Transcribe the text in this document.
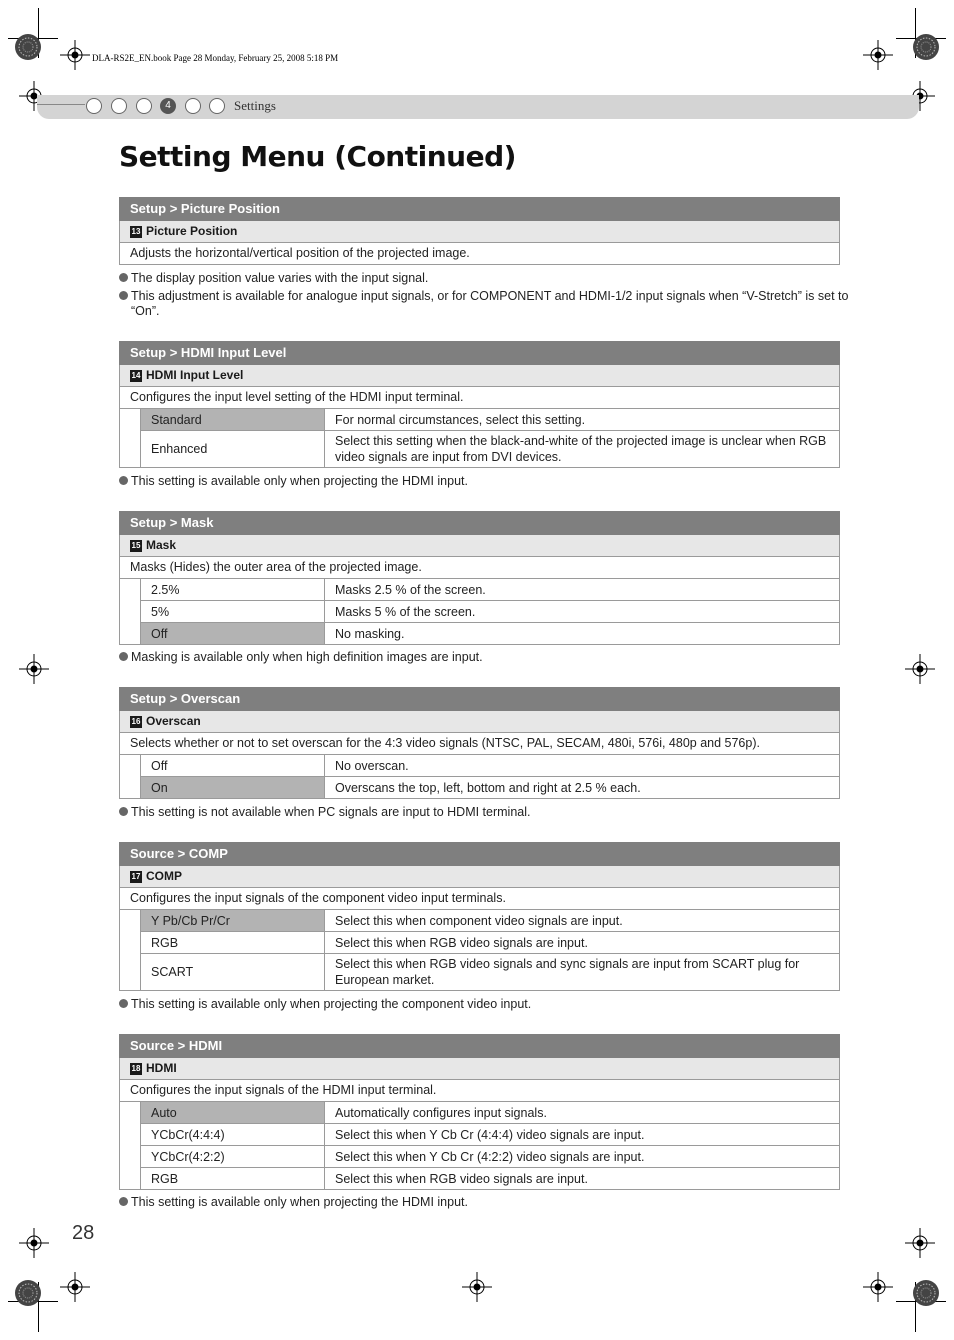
DLA-RS2E_EN.book Page 28 Monday, February 25, 2008 5:18 PM
4	Settings
Setting Menu (Continued)
Setup > Picture Position
13 Picture Position
Adjusts the horizontal/vertical position of the projected image.
The display position value varies with the input signal.
This adjustment is available for analogue input signals, or for COMPONENT and HDMI-1/2 input signals when “V-Stretch” is set to “On”.
Setup > HDMI Input Level
14 HDMI Input Level
Configures the input level setting of the HDMI input terminal.
Standard	For normal circumstances, select this setting.
Enhanced	Select this setting when the black-and-white of the projected image is unclear when RGB video signals are input from DVI devices.
This setting is available only when projecting the HDMI input.
Setup > Mask
15 Mask
Masks (Hides) the outer area of the projected image.
2.5%	Masks 2.5 % of the screen.
5%	Masks 5 % of the screen.
Off	No masking.
Masking is available only when high definition images are input.
Setup > Overscan
16 Overscan
Selects whether or not to set overscan for the 4:3 video signals (NTSC, PAL, SECAM, 480i, 576i, 480p and 576p).
Off	No overscan.
On	Overscans the top, left, bottom and right at 2.5 % each.
This setting is not available when PC signals are input to HDMI terminal.
Source > COMP
17 COMP
Configures the input signals of the component video input terminals.
Y Pb/Cb Pr/Cr	Select this when component video signals are input.
RGB	Select this when RGB video signals are input.
SCART	Select this when RGB video signals and sync signals are input from SCART plug for European market.
This setting is available only when projecting the component video input.
Source > HDMI
18 HDMI
Configures the input signals of the HDMI input terminal.
Auto	Automatically configures input signals.
YCbCr(4:4:4)	Select this when Y Cb Cr (4:4:4) video signals are input.
YCbCr(4:2:2)	Select this when Y Cb Cr (4:2:2) video signals are input.
RGB	Select this when RGB video signals are input.
This setting is available only when projecting the HDMI input.
28
